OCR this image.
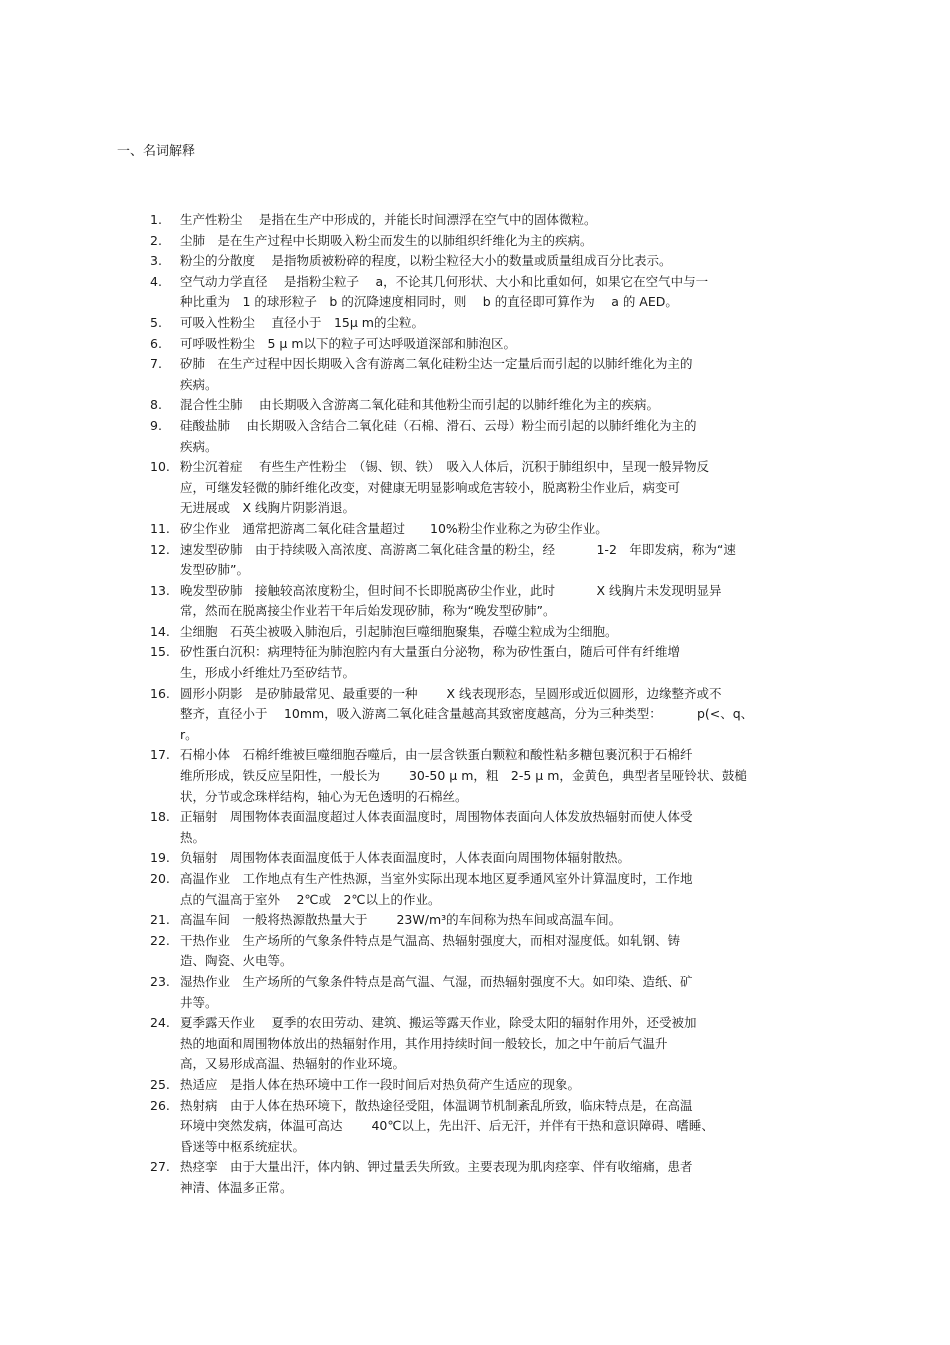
一、名词解释
1. 生产性粉尘　 是指在生产中形成的，并能长时间漂浮在空气中的固体微粒。
2. 尘肺　是在生产过程中长期吸入粉尘而发生的以肺组织纤维化为主的疾病。
3. 粉尘的分散度　 是指物质被粉碎的程度，以粉尘粒径大小的数量或质量组成百分比表示。
4. 空气动力学直径　 是指粉尘粒子　 a，不论其几何形状、大小和比重如何，如果它在空气中与一
种比重为　1 的球形粒子　b 的沉降速度相同时，则　 b 的直径即可算作为　 a 的 AED。
5. 可吸入性粉尘　 直径小于　15μ m的尘粒。
6. 可呼吸性粉尘　5 μ m以下的粒子可达呼吸道深部和肺泡区。
7. 矽肺　在生产过程中因长期吸入含有游离二氧化硅粉尘达一定量后而引起的以肺纤维化为主的
疾病。
8. 混合性尘肺　 由长期吸入含游离二氧化硅和其他粉尘而引起的以肺纤维化为主的疾病。
9. 硅酸盐肺　 由长期吸入含结合二氧化硅（石棉、滑石、云母）粉尘而引起的以肺纤维化为主的
疾病。
10. 粉尘沉着症　 有些生产性粉尘　（锡、钡、铁）　吸入人体后，沉积于肺组织中，呈现一般异物反
应，可继发轻微的肺纤维化改变，对健康无明显影响或危害较小，脱离粉尘作业后，病变可
无进展或　X 线胸片阴影消退。
11. 矽尘作业　通常把游离二氧化硅含量超过　　10%粉尘作业称之为矽尘作业。
12. 速发型矽肺　由于持续吸入高浓度、高游离二氧化硅含量的粉尘，经　　　 1-2　年即发病，称为“速
发型矽肺”。
13. 晚发型矽肺　接触较高浓度粉尘，但时间不长即脱离矽尘作业，此时　　　 X 线胸片未发现明显异
常，然而在脱离接尘作业若干年后始发现矽肺，称为“晚发型矽肺”。
14. 尘细胞　石英尘被吸入肺泡后，引起肺泡巨噬细胞聚集，吞噬尘粒成为尘细胞。
15. 矽性蛋白沉积：病理特征为肺泡腔内有大量蛋白分泌物，称为矽性蛋白，随后可伴有纤维增
生，形成小纤维灶乃至矽结节。
16. 圆形小阴影　是矽肺最常见、最重要的一种　　 X 线表现形态，呈圆形或近似圆形，边缘整齐或不
整齐，直径小于　 10mm，吸入游离二氧化硅含量越高其致密度越高，分为三种类型：　　　 p(<、q、
r。
17. 石棉小体　石棉纤维被巨噬细胞吞噬后，由一层含铁蛋白颗粒和酸性粘多糖包裹沉积于石棉纤
维所形成，铁反应呈阳性，一般长为　　 30-50 μ m，粗　2-5 μ m，金黄色，典型者呈哑铃状、鼓槌
状，分节或念珠样结构，轴心为无色透明的石棉丝。
18. 正辐射　周围物体表面温度超过人体表面温度时，周围物体表面向人体发放热辐射而使人体受
热。
19. 负辐射　周围物体表面温度低于人体表面温度时，人体表面向周围物体辐射散热。
20. 高温作业　工作地点有生产性热源，当室外实际出现本地区夏季通风室外计算温度时，工作地
点的气温高于室外　 2℃或　2℃以上的作业。
21. 高温车间　一般将热源散热量大于　　 23W/m³的车间称为热车间或高温车间。
22. 干热作业　生产场所的气象条件特点是气温高、热辐射强度大，而相对湿度低。如轧钢、铸
造、陶瓷、火电等。
23. 湿热作业　生产场所的气象条件特点是高气温、气湿，而热辐射强度不大。如印染、造纸、矿
井等。
24. 夏季露天作业　 夏季的农田劳动、建筑、搬运等露天作业，除受太阳的辐射作用外，还受被加
热的地面和周围物体放出的热辐射作用，其作用持续时间一般较长，加之中午前后气温升
高，又易形成高温、热辐射的作业环境。
25. 热适应　是指人体在热环境中工作一段时间后对热负荷产生适应的现象。
26. 热射病　由于人体在热环境下，散热途径受阻，体温调节机制紊乱所致，临床特点是，在高温
环境中突然发病，体温可高达　　 40℃以上，先出汗、后无汗，并伴有干热和意识障碍、嗜睡、
昏迷等中枢系统症状。
27. 热痉挛　由于大量出汗，体内钠、钾过量丢失所致。主要表现为肌肉痉挛、伴有收缩痛，患者
神清、体温多正常。
